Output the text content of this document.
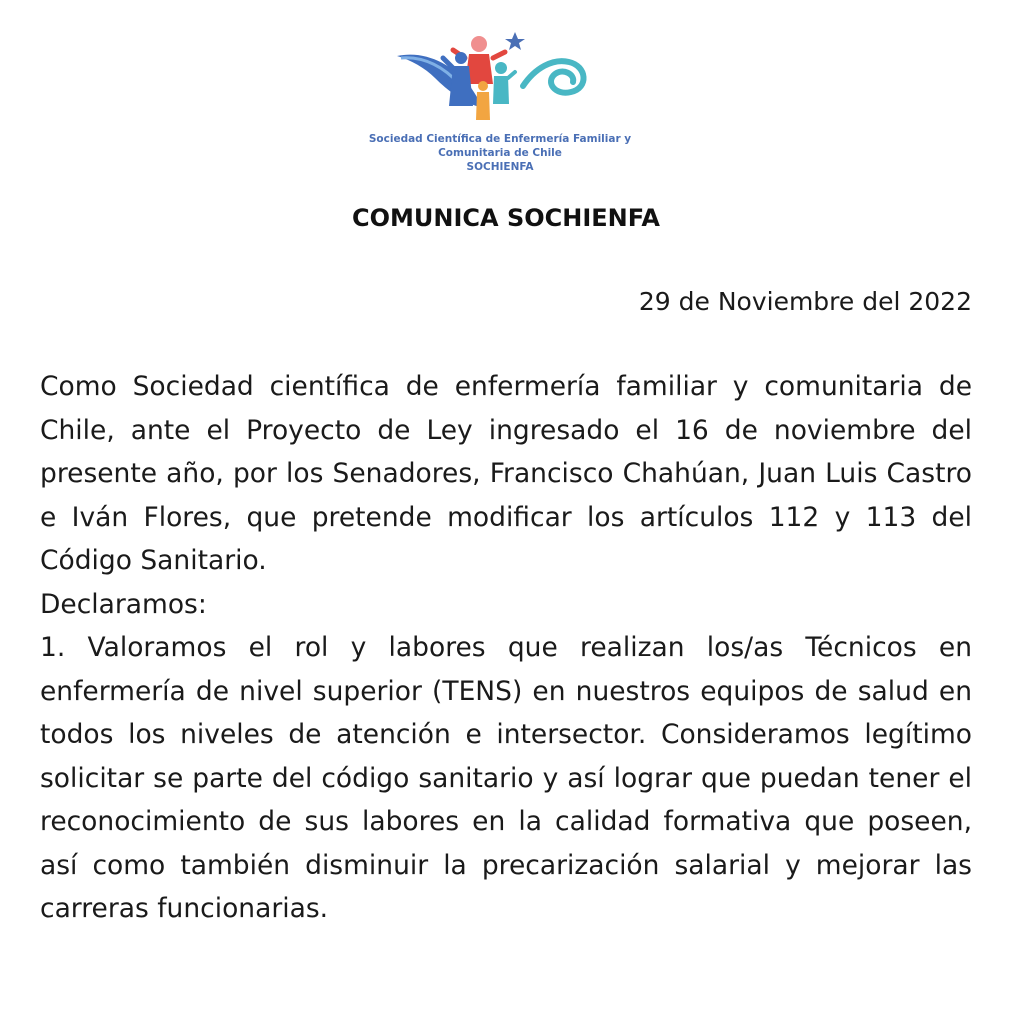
Sociedad Científica de Enfermería Familiar y
Comunitaria de Chile
SOCHIENFA
COMUNICA SOCHIENFA
29 de Noviembre del 2022

Como Sociedad científica de enfermería familiar y comunitaria de Chile, ante el Proyecto de Ley ingresado el 16 de noviembre del presente año, por los Senadores, Francisco Chahúan, Juan Luis Castro e Iván Flores, que pretende modificar los artículos 112 y 113 del Código Sanitario.

Declaramos:

1. Valoramos el rol y labores que realizan los/as Técnicos en enfermería de nivel superior (TENS) en nuestros equipos de salud en todos los niveles de atención e intersector. Consideramos legítimo solicitar se parte del código sanitario y así lograr que puedan tener el reconocimiento de sus labores en la calidad formativa que poseen, así como también disminuir la precarización salarial y mejorar las carreras funcionarias.
